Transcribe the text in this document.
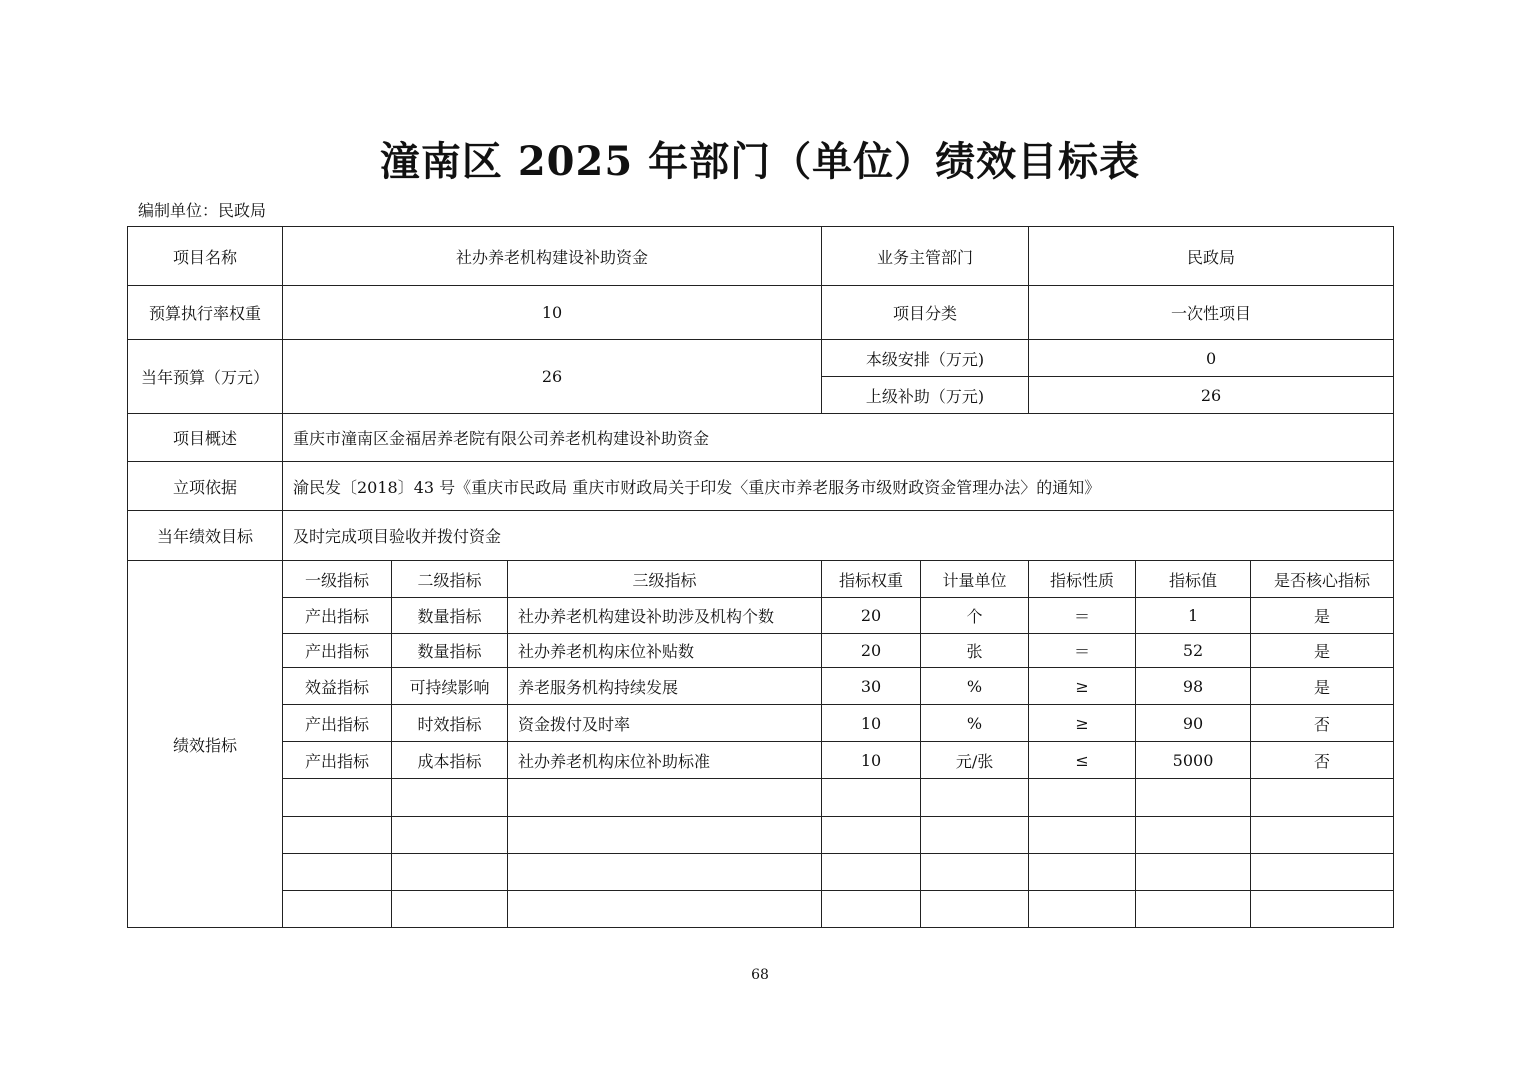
潼南区 2025 年部门（单位）绩效目标表
编制单位：民政局
项目名称	社办养老机构建设补助资金			业务主管部门		民政局		
预算执行率权重	10			项目分类		一次性项目		
当年预算（万元）	26			本级安排（万元)		0		
				上级补助（万元)		26		
项目概述	重庆市潼南区金福居养老院有限公司养老机构建设补助资金							
立项依据	渝民发〔2018〕43 号《重庆市民政局 重庆市财政局关于印发〈重庆市养老服务市级财政资金管理办法〉的通知》							
当年绩效目标	及时完成项目验收并拨付资金							
绩效指标	一级指标	二级指标	三级指标	指标权重	计量单位	指标性质	指标值	是否核心指标
	产出指标	数量指标	社办养老机构建设补助涉及机构个数	20	个	＝	1	是
	产出指标	数量指标	社办养老机构床位补贴数	20	张	＝	52	是
	效益指标	可持续影响	养老服务机构持续发展	30	%	≥	98	是
	产出指标	时效指标	资金拨付及时率	10	%	≥	90	否
	产出指标	成本指标	社办养老机构床位补助标准	10	元/张	≤	5000	否

68
